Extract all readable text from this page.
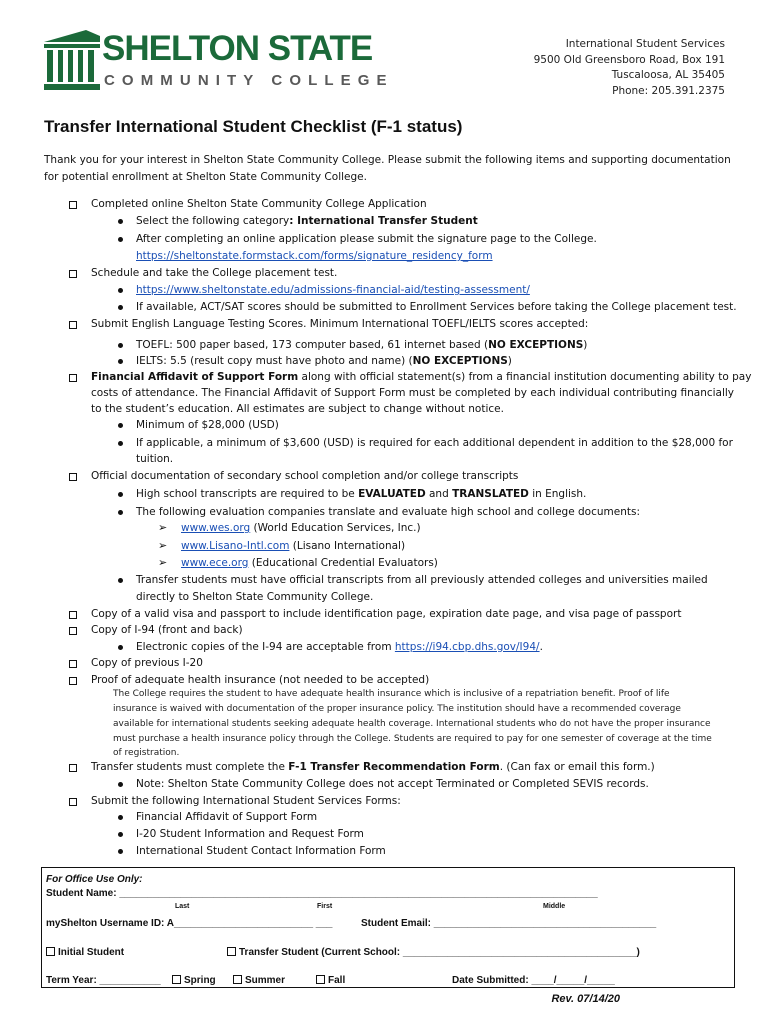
SHELTON STATE
COMMUNITY COLLEGE
International Student Services
9500 Old Greensboro Road, Box 191
Tuscaloosa, AL 35405
Phone: 205.391.2375
Transfer International Student Checklist (F-1 status)
Thank you for your interest in Shelton State Community College. Please submit the following items and supporting documentation for potential enrollment at Shelton State Community College.
Completed online Shelton State Community College Application
Select the following category: International Transfer Student
After completing an online application please submit the signature page to the College.
https://sheltonstate.formstack.com/forms/signature_residency_form
Schedule and take the College placement test.
https://www.sheltonstate.edu/admissions-financial-aid/testing-assessment/
If available, ACT/SAT scores should be submitted to Enrollment Services before taking the College placement test.
Submit English Language Testing Scores. Minimum International TOEFL/IELTS scores accepted:
TOEFL: 500 paper based, 173 computer based, 61 internet based (NO EXCEPTIONS)
IELTS: 5.5 (result copy must have photo and name) (NO EXCEPTIONS)
Financial Affidavit of Support Form along with official statement(s) from a financial institution documenting ability to pay
costs of attendance. The Financial Affidavit of Support Form must be completed by each individual contributing financially
to the student’s education. All estimates are subject to change without notice.
Minimum of $28,000 (USD)
If applicable, a minimum of $3,600 (USD) is required for each additional dependent in addition to the $28,000 for
tuition.
Official documentation of secondary school completion and/or college transcripts
High school transcripts are required to be EVALUATED and TRANSLATED in English.
The following evaluation companies translate and evaluate high school and college documents:
➢ www.wes.org (World Education Services, Inc.)
➢ www.Lisano-Intl.com (Lisano International)
➢ www.ece.org (Educational Credential Evaluators)
Transfer students must have official transcripts from all previously attended colleges and universities mailed
directly to Shelton State Community College.
Copy of a valid visa and passport to include identification page, expiration date page, and visa page of passport
Copy of I-94 (front and back)
Electronic copies of the I-94 are acceptable from https://i94.cbp.dhs.gov/I94/.
Copy of previous I-20
Proof of adequate health insurance (not needed to be accepted)
The College requires the student to have adequate health insurance which is inclusive of a repatriation benefit. Proof of life
insurance is waived with documentation of the proper insurance policy. The institution should have a recommended coverage
available for international students seeking adequate health coverage. International students who do not have the proper insurance
must purchase a health insurance policy through the College. Students are required to pay for one semester of coverage at the time
of registration.
Transfer students must complete the F-1 Transfer Recommendation Form. (Can fax or email this form.)
Note: Shelton State Community College does not accept Terminated or Completed SEVIS records.
Submit the following International Student Services Forms:
Financial Affidavit of Support Form
I-20 Student Information and Request Form
International Student Contact Information Form
For Office Use Only:
Student Name: ______________________________________________________________________________________
Last	First	Middle
myShelton Username ID: A_________________________ ___	Student Email: ________________________________________
Initial Student	Transfer Student (Current School: __________________________________________)
Term Year: ___________	Spring	Summer	Fall	Date Submitted: ____/_____/_____
Rev. 07/14/20
